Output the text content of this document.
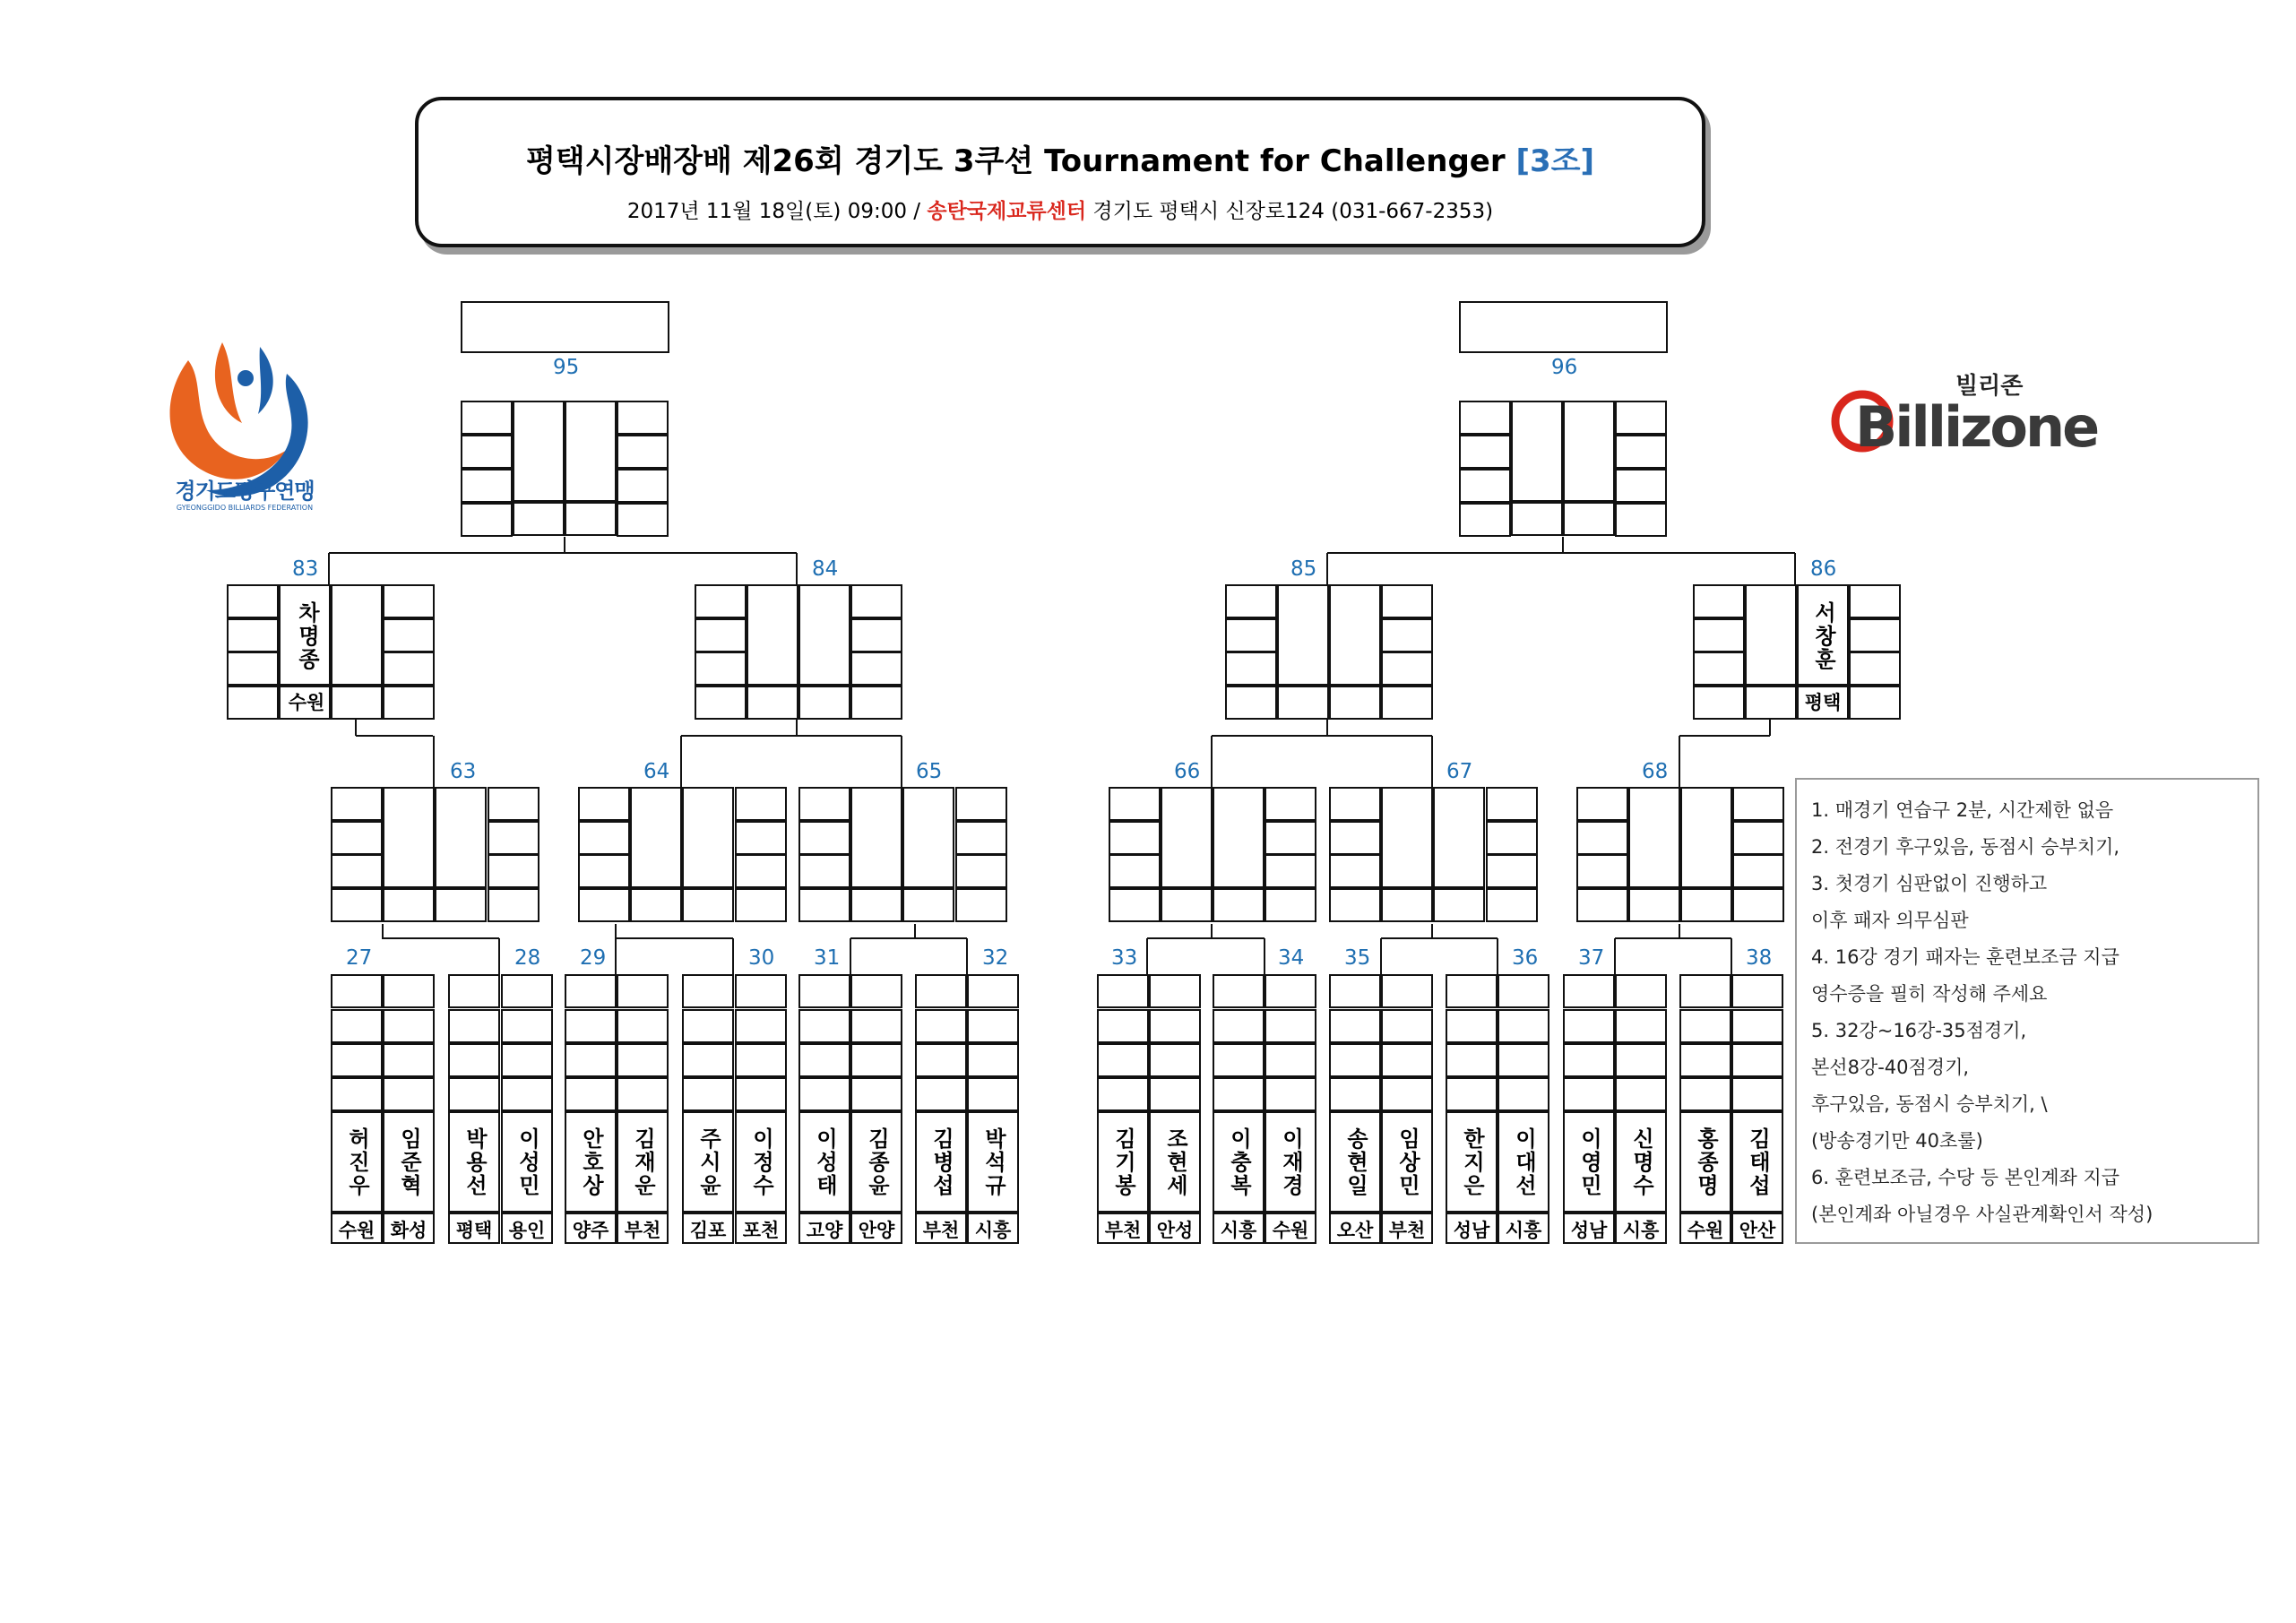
평택시장배장배 제26회 경기도 3쿠션 Tournament for Challenger [3조]
2017년 11월 18일(토) 09:00 / 송탄국제교류센터 경기도 평택시 신장로124 (031-667-2353)
경기도당구연맹
GYEONGGIDO BILLIARDS FEDERATION
빌리존
Billizone
1. 매경기 연습구 2분, 시간제한 없음
2. 전경기 후구있음, 동점시 승부치기,
3. 첫경기 심판없이 진행하고
이후 패자 의무심판
4. 16강 경기 패자는 훈련보조금 지급
영수증을 필히 작성해 주세요
5. 32강~16강-35점경기,
본선8강-40점경기,
후구있음, 동점시 승부치기, \
(방송경기만 40초룰)
6. 훈련보조금, 수당 등 본인계좌 지급
(본인계좌 아닐경우 사실관계확인서 작성)
95	96
83	84	85	86
차명종
수원
서창훈
평택
63	64	65	66	67	68
27
허진우
수원
임준혁
화성
28
박용선
평택
이성민
용인
29
안호상
양주
김재운
부천
30
주시윤
김포
이정수
포천
31
이성태
고양
김종윤
안양
32
김병섭
부천
박석규
시흥
33
김기봉
부천
조현세
안성
34
이충복
시흥
이재경
수원
35
송현일
오산
임상민
부천
36
한지은
성남
이대선
시흥
37
이영민
성남
신명수
시흥
38
홍종명
수원
김태섭
안산
